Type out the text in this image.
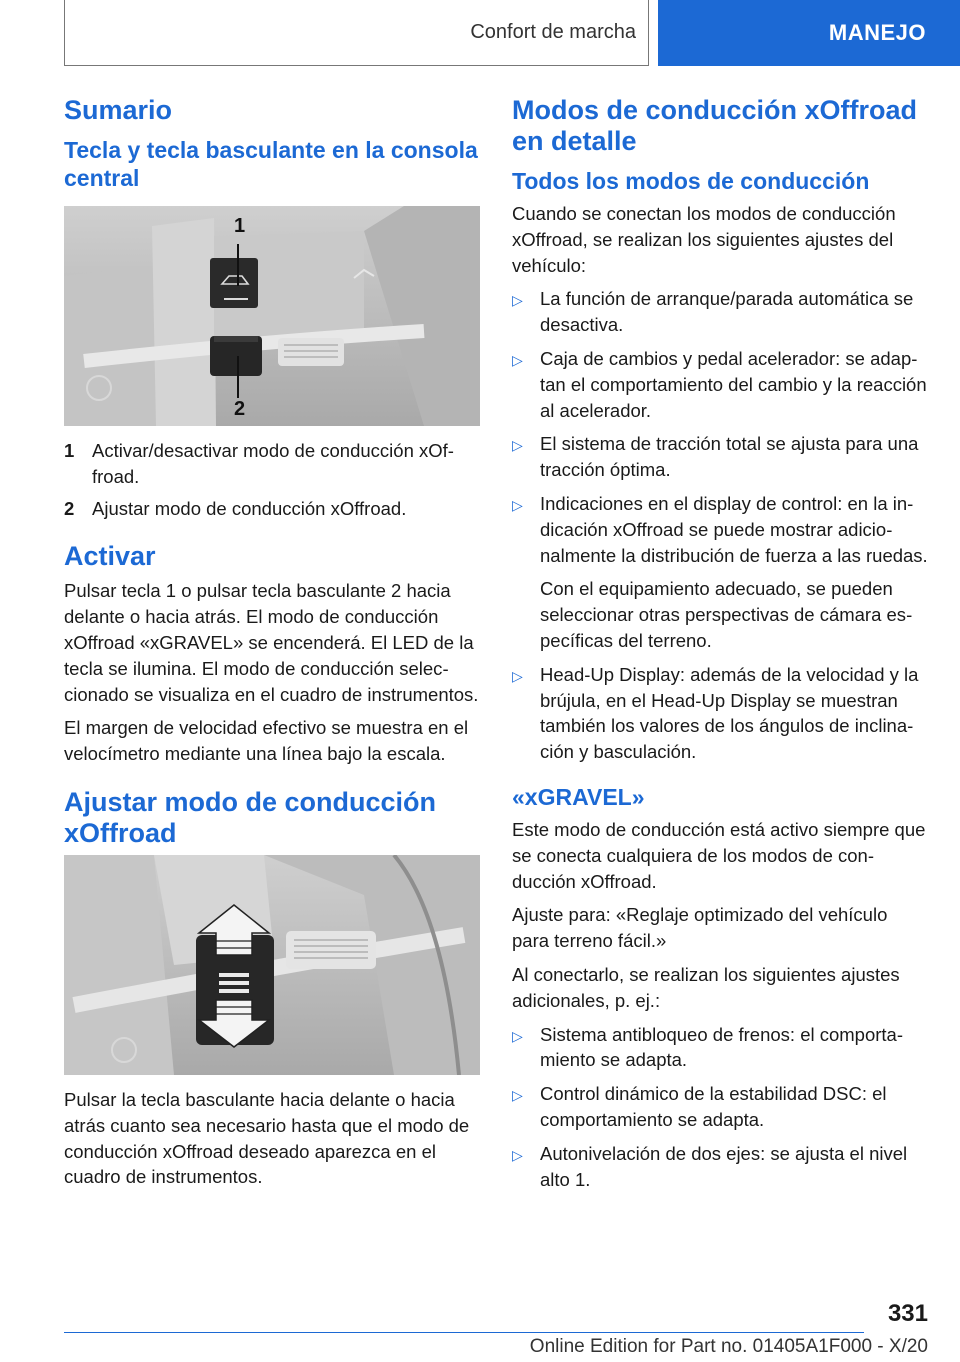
Confort de marcha	MANEJO
Sumario
Tecla y tecla basculante en la consola central
1
2
1 Activar/desactivar modo de conducción xOffroad.
2 Ajustar modo de conducción xOffroad.
Activar

Pulsar tecla 1 o pulsar tecla basculante 2 hacia delante o hacia atrás. El modo de conducción xOffroad «xGRAVEL» se encenderá. El LED de la tecla se ilumina. El modo de conducción seleccionado se visualiza en el cuadro de instrumentos.

El margen de velocidad efectivo se muestra en el velocímetro mediante una línea bajo la escala.

Ajustar modo de conducción xOffroad

Pulsar la tecla basculante hacia delante o hacia atrás cuanto sea necesario hasta que el modo de conducción xOffroad deseado aparezca en el cuadro de instrumentos.

Modos de conducción xOffroad en detalle
Todos los modos de conducción

Cuando se conectan los modos de conducción xOffroad, se realizan los siguientes ajustes del vehículo:

▷ La función de arranque/parada automática se desactiva.

▷ Caja de cambios y pedal acelerador: se adaptan el comportamiento del cambio y la reacción al acelerador.

▷ El sistema de tracción total se ajusta para una tracción óptima.

▷ Indicaciones en el display de control: en la indicación xOffroad se puede mostrar adicionalmente la distribución de fuerza a las ruedas.

Con el equipamiento adecuado, se pueden seleccionar otras perspectivas de cámara específicas del terreno.

▷ Head-Up Display: además de la velocidad y la brújula, en el Head-Up Display se muestran también los valores de los ángulos de inclinación y basculación.

«xGRAVEL»

Este modo de conducción está activo siempre que se conecta cualquiera de los modos de conducción xOffroad.

Ajuste para: «Reglaje optimizado del vehículo para terreno fácil.»

Al conectarlo, se realizan los siguientes ajustes adicionales, p. ej.:

▷ Sistema antibloqueo de frenos: el comportamiento se adapta.

▷ Control dinámico de la estabilidad DSC: el comportamiento se adapta.

▷ Autonivelación de dos ejes: se ajusta el nivel alto 1.

331
Online Edition for Part no. 01405A1F000 - X/20
